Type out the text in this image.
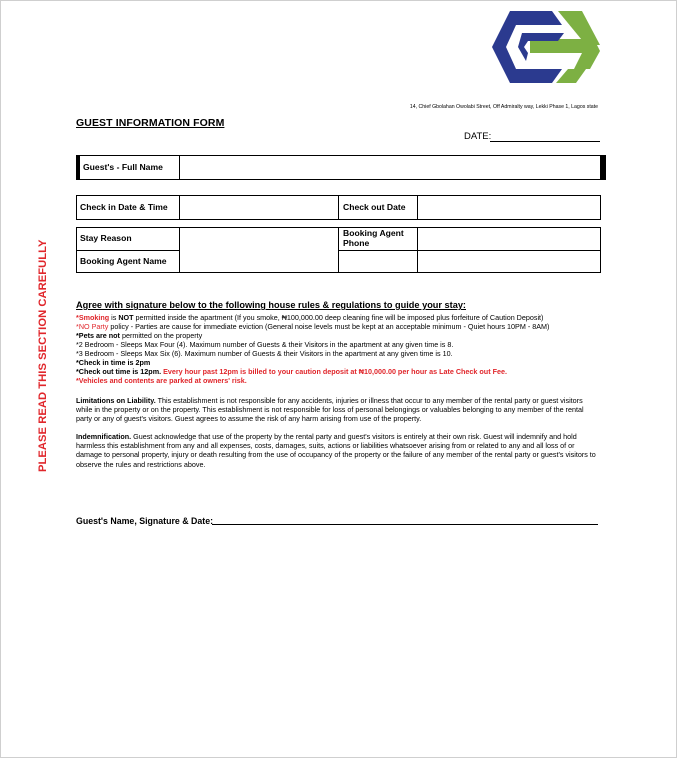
14, Chief Gbolahan Owolabi Street, Off Admiralty way, Lekki Phase 1, Lagos state
GUEST INFORMATION FORM
DATE:
Guest's - Full Name
Check in Date & Time	Check out Date
Stay Reason
Booking Agent Phone
Booking Agent Name
PLEASE READ THIS SECTION CAREFULLY	Agree with signature below to the following house rules & regulations to guide your stay:
*Smoking is NOT permitted inside the apartment (If you smoke, ₦100,000.00 deep cleaning fine will be imposed plus forfeiture of Caution Deposit)
*NO Party policy - Parties are cause for immediate eviction (General noise levels must be kept at an acceptable minimum - Quiet hours 10PM - 8AM)
*Pets are not permitted on the property
*2 Bedroom - Sleeps Max Four (4). Maximum number of Guests & their Visitors in the apartment at any given time is 8.
*3 Bedroom - Sleeps Max Six (6). Maximum number of Guests & their Visitors in the apartment at any given time is 10.
*Check in time is 2pm
*Check out time is 12pm. Every hour past 12pm is billed to your caution deposit at ₦10,000.00 per hour as Late Check out Fee.
*Vehicles and contents are parked at owners' risk.
Limitations on Liability. This establishment is not responsible for any accidents, injuries or illness that occur to any member of the rental party or guest visitors while in the property or on the property. This establishment is not responsible for loss of personal belongings or valuables belonging to any member of the rental party or any of guest's visitors. Guest agrees to assume the risk of any harm arising from use of the property.
Indemnification. Guest acknowledge that use of the property by the rental party and guest's visitors is entirely at their own risk. Guest will indemnify and hold harmless this establishment from any and all expenses, costs, damages, suits, actions or liabilities whatsoever arising from or related to any and all loss of or damage to personal property, injury or death resulting from the use of occupancy of the property or the failure of any member of the rental party or guest's visitors to observe the rules and restrictions above.
Guest's Name, Signature & Date:
